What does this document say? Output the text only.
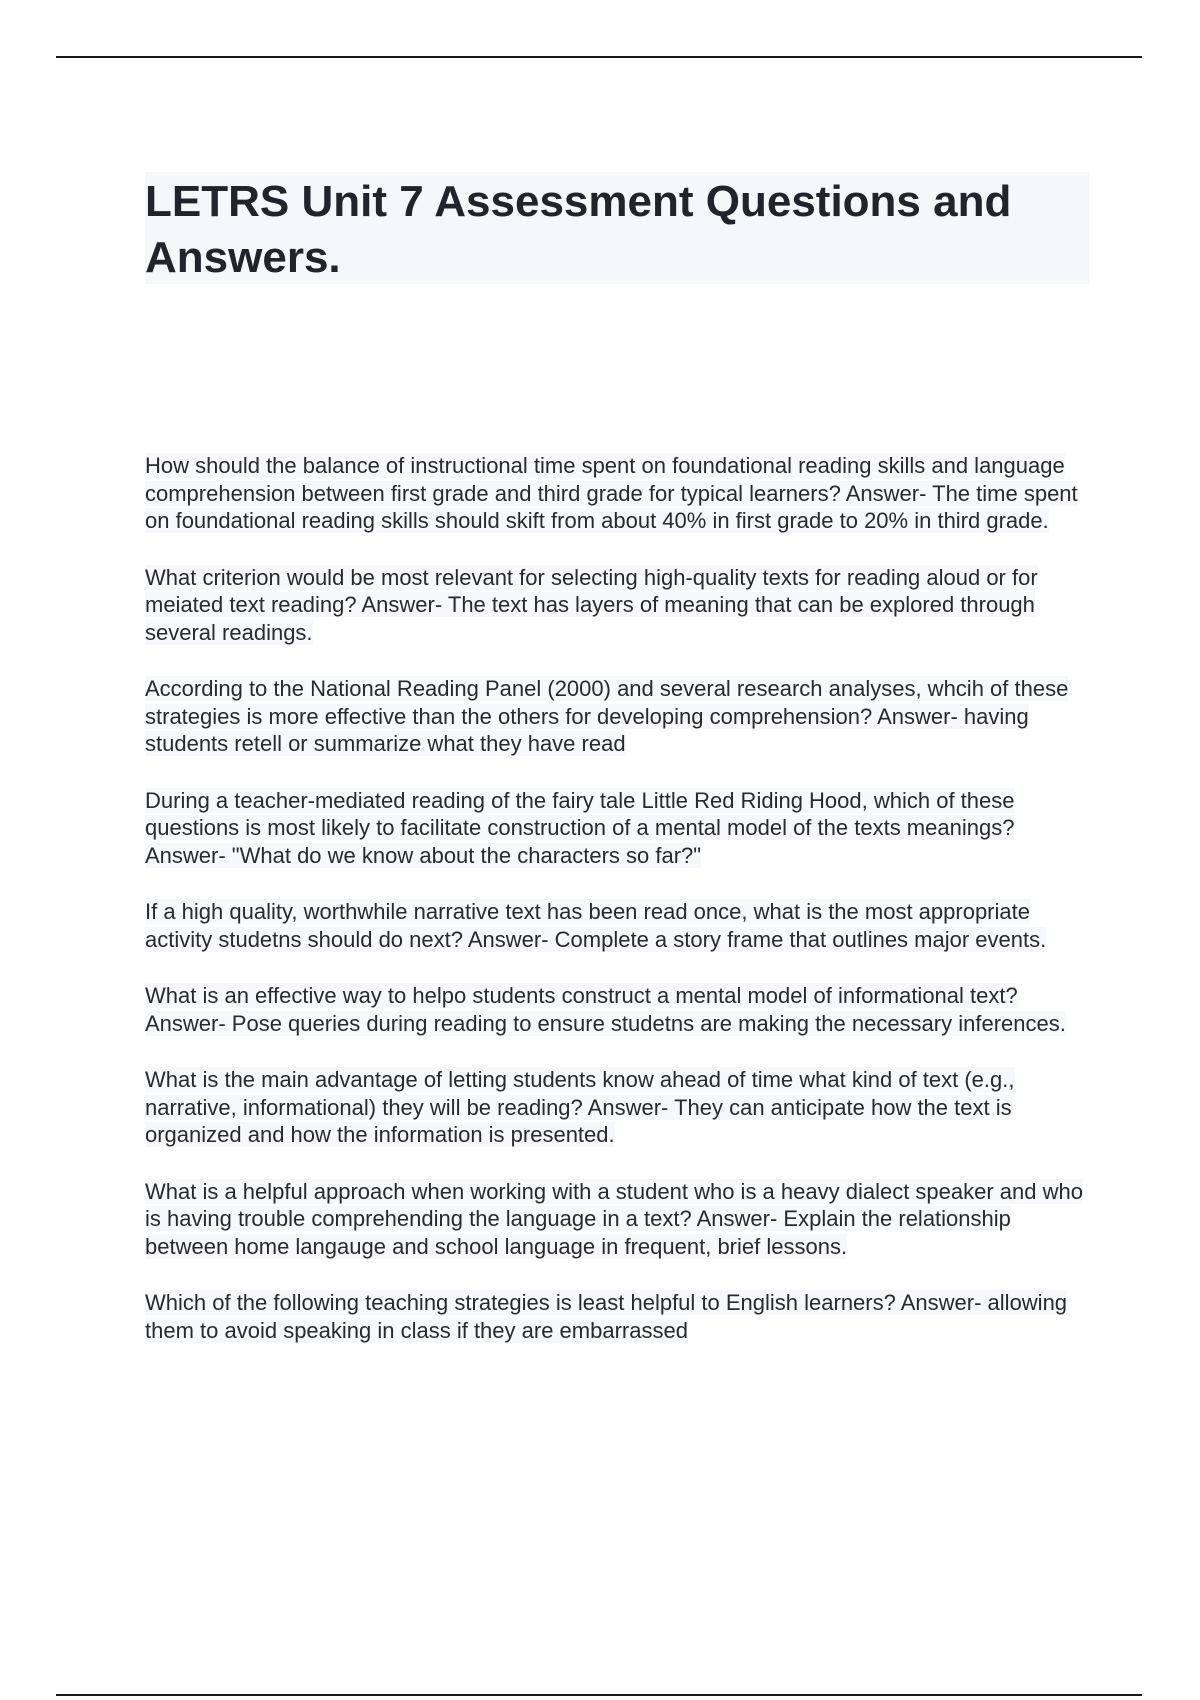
LETRS Unit 7 Assessment Questions and Answers.

How should the balance of instructional time spent on foundational reading skills and language comprehension between first grade and third grade for typical learners? Answer- The time spent on foundational reading skills should skift from about 40% in first grade to 20% in third grade.

What criterion would be most relevant for selecting high-quality texts for reading aloud or for meiated text reading? Answer- The text has layers of meaning that can be explored through several readings.

According to the National Reading Panel (2000) and several research analyses, whcih of these strategies is more effective than the others for developing comprehension? Answer- having students retell or summarize what they have read

During a teacher-mediated reading of the fairy tale Little Red Riding Hood, which of these questions is most likely to facilitate construction of a mental model of the texts meanings? Answer- "What do we know about the characters so far?"

If a high quality, worthwhile narrative text has been read once, what is the most appropriate activity studetns should do next? Answer- Complete a story frame that outlines major events.

What is an effective way to helpo students construct a mental model of informational text? Answer- Pose queries during reading to ensure studetns are making the necessary inferences.

What is the main advantage of letting students know ahead of time what kind of text (e.g., narrative, informational) they will be reading? Answer- They can anticipate how the text is organized and how the information is presented.

What is a helpful approach when working with a student who is a heavy dialect speaker and who is having trouble comprehending the language in a text? Answer- Explain the relationship between home langauge and school language in frequent, brief lessons.

Which of the following teaching strategies is least helpful to English learners? Answer- allowing them to avoid speaking in class if they are embarrassed
